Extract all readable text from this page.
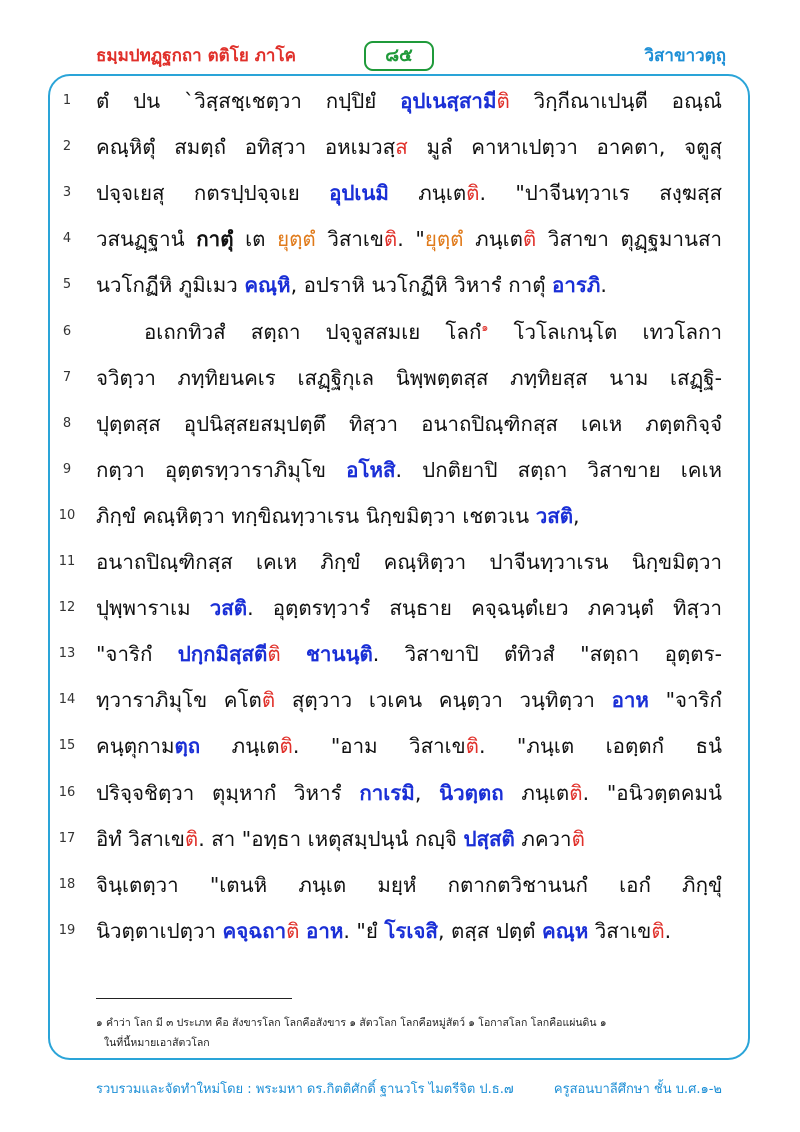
ธมฺมปทฏฺฐกถา ตติโย ภาโค	๘๕	วิสาขาวตฺถุ
1	ตํ ปน `วิสฺสชฺเชตฺวา กปฺปิยํ อุปเนสฺสามีติ วิกฺกีณาเปนฺตี อณฺณํ
2	คณฺหิตุํ สมตฺถํ อทิสฺวา อหเมวสฺส มูลํ คาหาเปตฺวา อาคตา, จตูสุ
3	ปจฺจเยสุ กตรปฺปจฺจเย อุปเนมิ ภนฺเตติ. "ปาจีนทฺวาเร สงฺฆสฺส
4	วสนฏฺฐานํ กาตุํ เต ยุตฺตํ วิสาเขติ. "ยุตฺตํ ภนฺเตติ วิสาขา ตุฏฺฐมานสา
5	นวโกฏีหิ ภูมิเมว คณฺหิ, อปราหิ นวโกฏีหิ วิหารํ กาตุํ อารภิ.
6	อเถกทิวสํ สตฺถา ปจฺจูสสมเย โลกํ$^๑$ โวโลเกนฺโต เทวโลกา
7	จวิตฺวา ภทฺทิยนคเร เสฏฺฐิกุเล นิพฺพตฺตสฺส ภทฺทิยสฺส นาม เสฏฺฐิ-
8	ปุตฺตสฺส อุปนิสฺสยสมฺปตฺตึ ทิสฺวา อนาถปิณฺฑิกสฺส เคเห ภตฺตกิจฺจํ
9	กตฺวา อุตฺตรทฺวาราภิมุโข อโหสิ. ปกติยาปิ สตฺถา วิสาขาย เคเห
10	ภิกฺขํ คณฺหิตฺวา ทกฺขิณทฺวาเรน นิกฺขมิตฺวา เชตวเน วสติ,
11	อนาถปิณฺฑิกสฺส เคเห ภิกฺขํ คณฺหิตฺวา ปาจีนทฺวาเรน นิกฺขมิตฺวา
12	ปุพฺพาราเม วสติ. อุตฺตรทฺวารํ สนฺธาย คจฺฉนฺตํเยว ภควนฺตํ ทิสฺวา
13	"จาริกํ ปกฺกมิสฺสตีติ ชานนฺติ. วิสาขาปิ ตํทิวสํ "สตฺถา อุตฺตร-
14	ทฺวาราภิมุโข คโตติ สุตฺวาว เวเคน คนฺตฺวา วนฺทิตฺวา อาห "จาริกํ
15	คนฺตุกามตฺถ ภนฺเตติ. "อาม วิสาเขติ. "ภนฺเต เอตฺตกํ ธนํ
16	ปริจฺจชิตฺวา ตุมฺหากํ วิหารํ กาเรมิ, นิวตฺตถ ภนฺเตติ. "อนิวตฺตคมนํ
17	อิทํ วิสาเขติ. สา "อทฺธา เหตุสมฺปนฺนํ กญฺจิ ปสฺสติ ภควาติ
18	จินฺเตตฺวา "เตนหิ ภนฺเต มยฺหํ กตากตวิชานนกํ เอกํ ภิกฺขุํ
19	นิวตฺตาเปตฺวา คจฺฉถาติ อาห. "ยํ โรเจสิ, ตสฺส ปตฺตํ คณฺห วิสาเขติ.
๑ คำว่า โลก มี ๓ ประเภท คือ สังขารโลก โลกคือสังขาร ๑ สัตวโลก โลกคือหมู่สัตว์ ๑ โอกาสโลก โลกคือแผ่นดิน ๑
ในที่นี้หมายเอาสัตวโลก
รวบรวมและจัดทำใหม่โดย : พระมหา ดร.กิตติศักดิ์ ฐานวโร ไมตรีจิต ป.ธ.๗	ครูสอนบาลีศึกษา ชั้น บ.ศ.๑-๒
